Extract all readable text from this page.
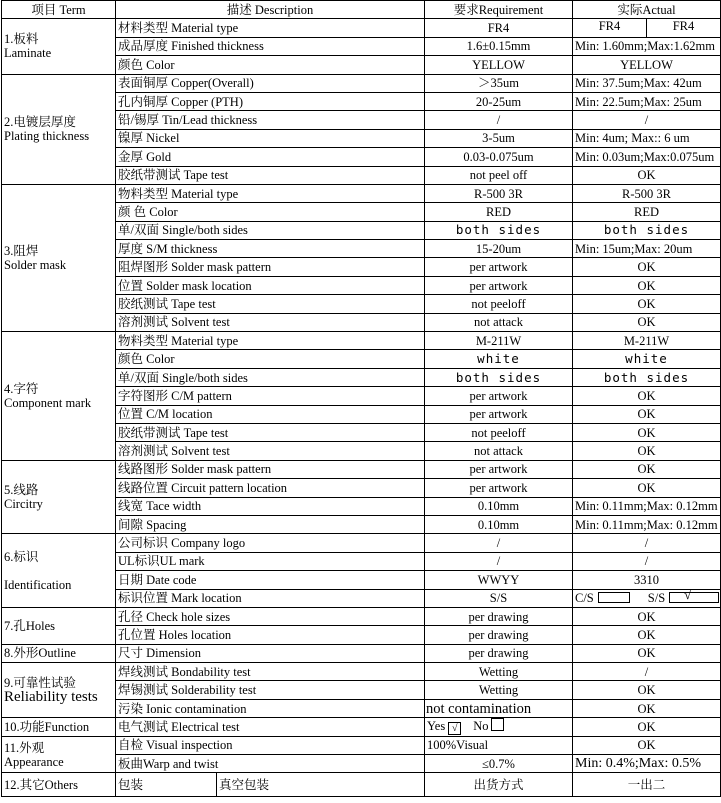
项目 Term	描述 Description		要求Requirement	实际Actual	
1.板料
Laminate	材料类型 Material type		FR4	FR4 FR4

	成品厚度 Finished thickness		1.6±0.15mm	Min: 1.60mm;Max:1.62mm	
	颜色 Color		YELLOW	YELLOW	
2.电镀层厚度
Plating thickness	表面铜厚 Copper(Overall)		＞35um	Min: 37.5um;Max: 42um	
	孔内铜厚 Copper (PTH)		20-25um	Min: 22.5um;Max: 25um	
	铅/锡厚 Tin/Lead thickness		/	/	
	镍厚 Nickel		3-5um	Min: 4um; Max:: 6 um	
	金厚 Gold		0.03-0.075um	Min: 0.03um;Max:0.075um	
	胶纸带测试 Tape test		not peel off	OK	
3.阻焊
Solder mask	物料类型 Material type		R-500 3R	R-500 3R	
	颜 色 Color		RED	RED	
	单/双面 Single/both sides		both sides	both sides	
	厚度 S/M thickness		15-20um	Min: 15um;Max: 20um	
	阻焊图形 Solder mask pattern		per artwork	OK	
	位置 Solder mask location		per artwork	OK	
	胶纸测试 Tape test		not peeloff	OK	
	溶剂测试 Solvent test		not attack	OK	
4.字符
Component mark	物料类型 Material type		M-211W	M-211W	
	颜色 Color		white	white	
	单/双面 Single/both sides		both sides	both sides	
	字符图形 C/M pattern		per artwork	OK	
	位置 C/M location		per artwork	OK	
	胶纸带测试 Tape test		not peeloff	OK	
	溶剂测试 Solvent test		not attack	OK	
5.线路
Circitry	线路图形 Solder mask pattern		per artwork	OK	
	线路位置 Circuit pattern location		per artwork	OK	
	线宽 Tace width		0.10mm	Min: 0.11mm;Max: 0.12mm	
	间隙 Spacing		0.10mm	Min: 0.11mm;Max: 0.12mm	
6.标识

Identification	公司标识 Company logo		/	/	
	UL标识UL mark		/	/	
	日期 Date code		WWYY	3310	
	标识位置 Mark location		S/S	C/S S/S√	
7.孔Holes	孔径 Check hole sizes		per drawing	OK	
	孔位置 Holes location		per drawing	OK	
8.外形Outline	尺寸 Dimension		per drawing	OK	
9.可靠性试验
Reliability tests	焊线测试 Bondability test		Wetting	/	
	焊锡测试 Solderability test		Wetting	OK	
	污染 Ionic contamination		not contamination	OK	
10.功能Function	电气测试 Electrical test		Yes √ No	OK	
11.外观
Appearance	自检 Visual inspection		100%Visual	OK	
	板曲Warp and twist		≤0.7%	Min: 0.4%;Max: 0.5%	
12.其它Others	包装	真空包装	出货方式	一出二	
